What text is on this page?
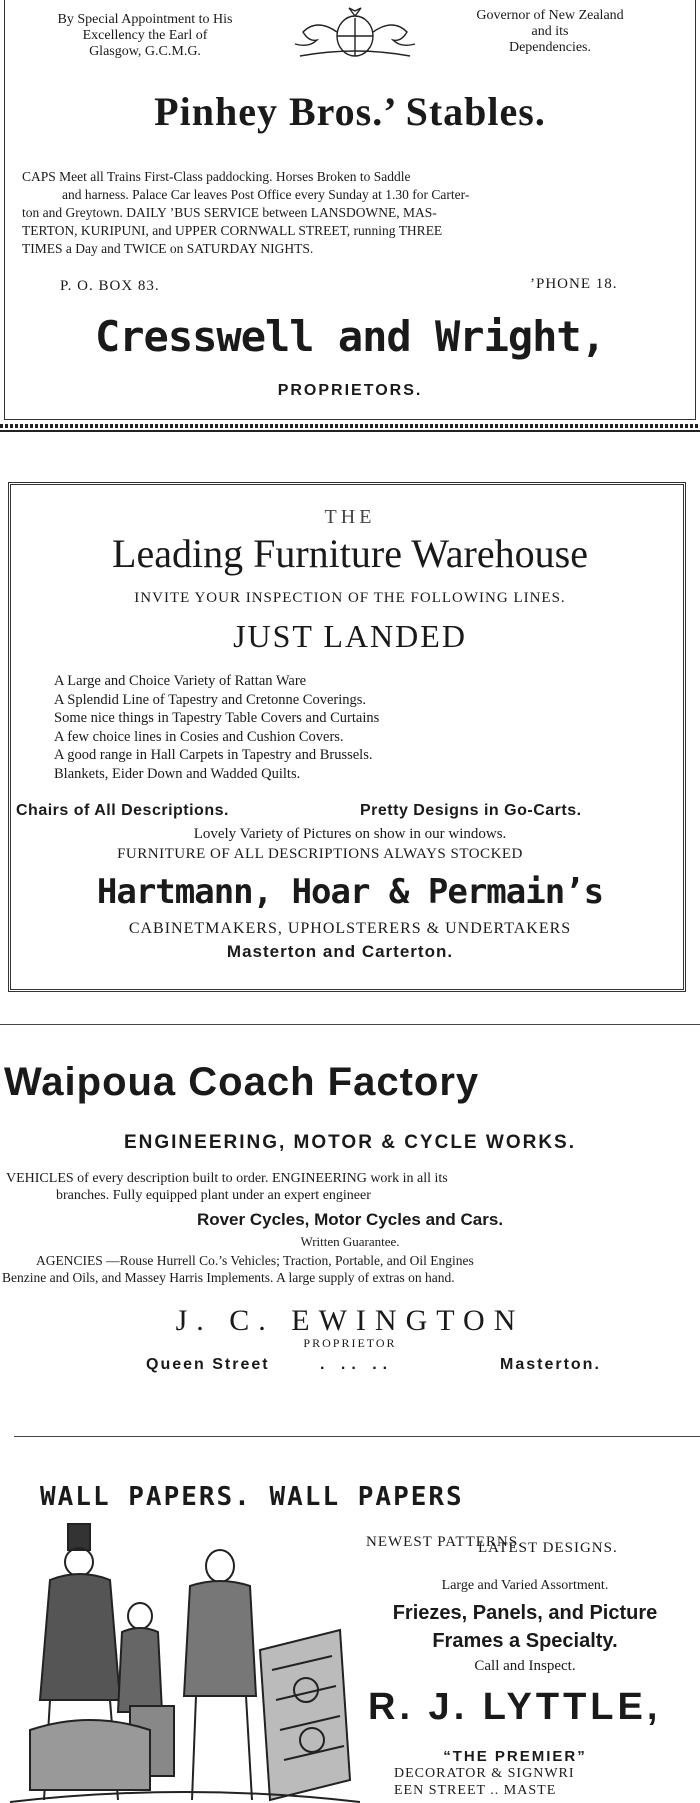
By Special Appointment to His
Excellency the Earl of
Glasgow, G.C.M.G.
Governor of New Zealand
and its
Dependencies.
Pinhey Bros.’ Stables.
CAPS Meet all Trains First-Class paddocking. Horses Broken to Saddle
and harness. Palace Car leaves Post Office every Sunday at 1.30 for Carter-
ton and Greytown. DAILY ’BUS SERVICE between LANSDOWNE, MAS-
TERTON, KURIPUNI, and UPPER CORNWALL STREET, running THREE
TIMES a Day and TWICE on SATURDAY NIGHTS.
P. O. BOX 83.	’PHONE 18.
Cresswell and Wright,
PROPRIETORS.
THE
Leading Furniture Warehouse
INVITE YOUR INSPECTION OF THE FOLLOWING LINES.
JUST LANDED
A Large and Choice Variety of Rattan Ware
A Splendid Line of Tapestry and Cretonne Coverings.
Some nice things in Tapestry Table Covers and Curtains
A few choice lines in Cosies and Cushion Covers.
A good range in Hall Carpets in Tapestry and Brussels.
Blankets, Eider Down and Wadded Quilts.
Chairs of All Descriptions.	Pretty Designs in Go-Carts.
Lovely Variety of Pictures on show in our windows.
FURNITURE OF ALL DESCRIPTIONS ALWAYS STOCKED
Hartmann, Hoar & Permain’s
CABINETMAKERS, UPHOLSTERERS & UNDERTAKERS
Masterton and Carterton.
Waipoua Coach Factory
ENGINEERING, MOTOR & CYCLE WORKS.
VEHICLES of every description built to order. ENGINEERING work in all its
branches. Fully equipped plant under an expert engineer
Rover Cycles, Motor Cycles and Cars.
Written Guarantee.
AGENCIES —Rouse Hurrell Co.’s Vehicles; Traction, Portable, and Oil Engines
Benzine and Oils, and Massey Harris Implements. A large supply of extras on hand.
J. C. EWINGTON
PROPRIETOR
Queen Street	. .. ..	Masterton.
WALL PAPERS. WALL PAPERS
NEWEST PATTERNS.
LATEST DESIGNS.
Large and Varied Assortment.
Friezes, Panels, and Picture
Frames a Specialty.
Call and Inspect.
R. J. LYTTLE,
“THE PREMIER”
DECORATOR & SIGNWRI
EEN STREET .. MASTE
